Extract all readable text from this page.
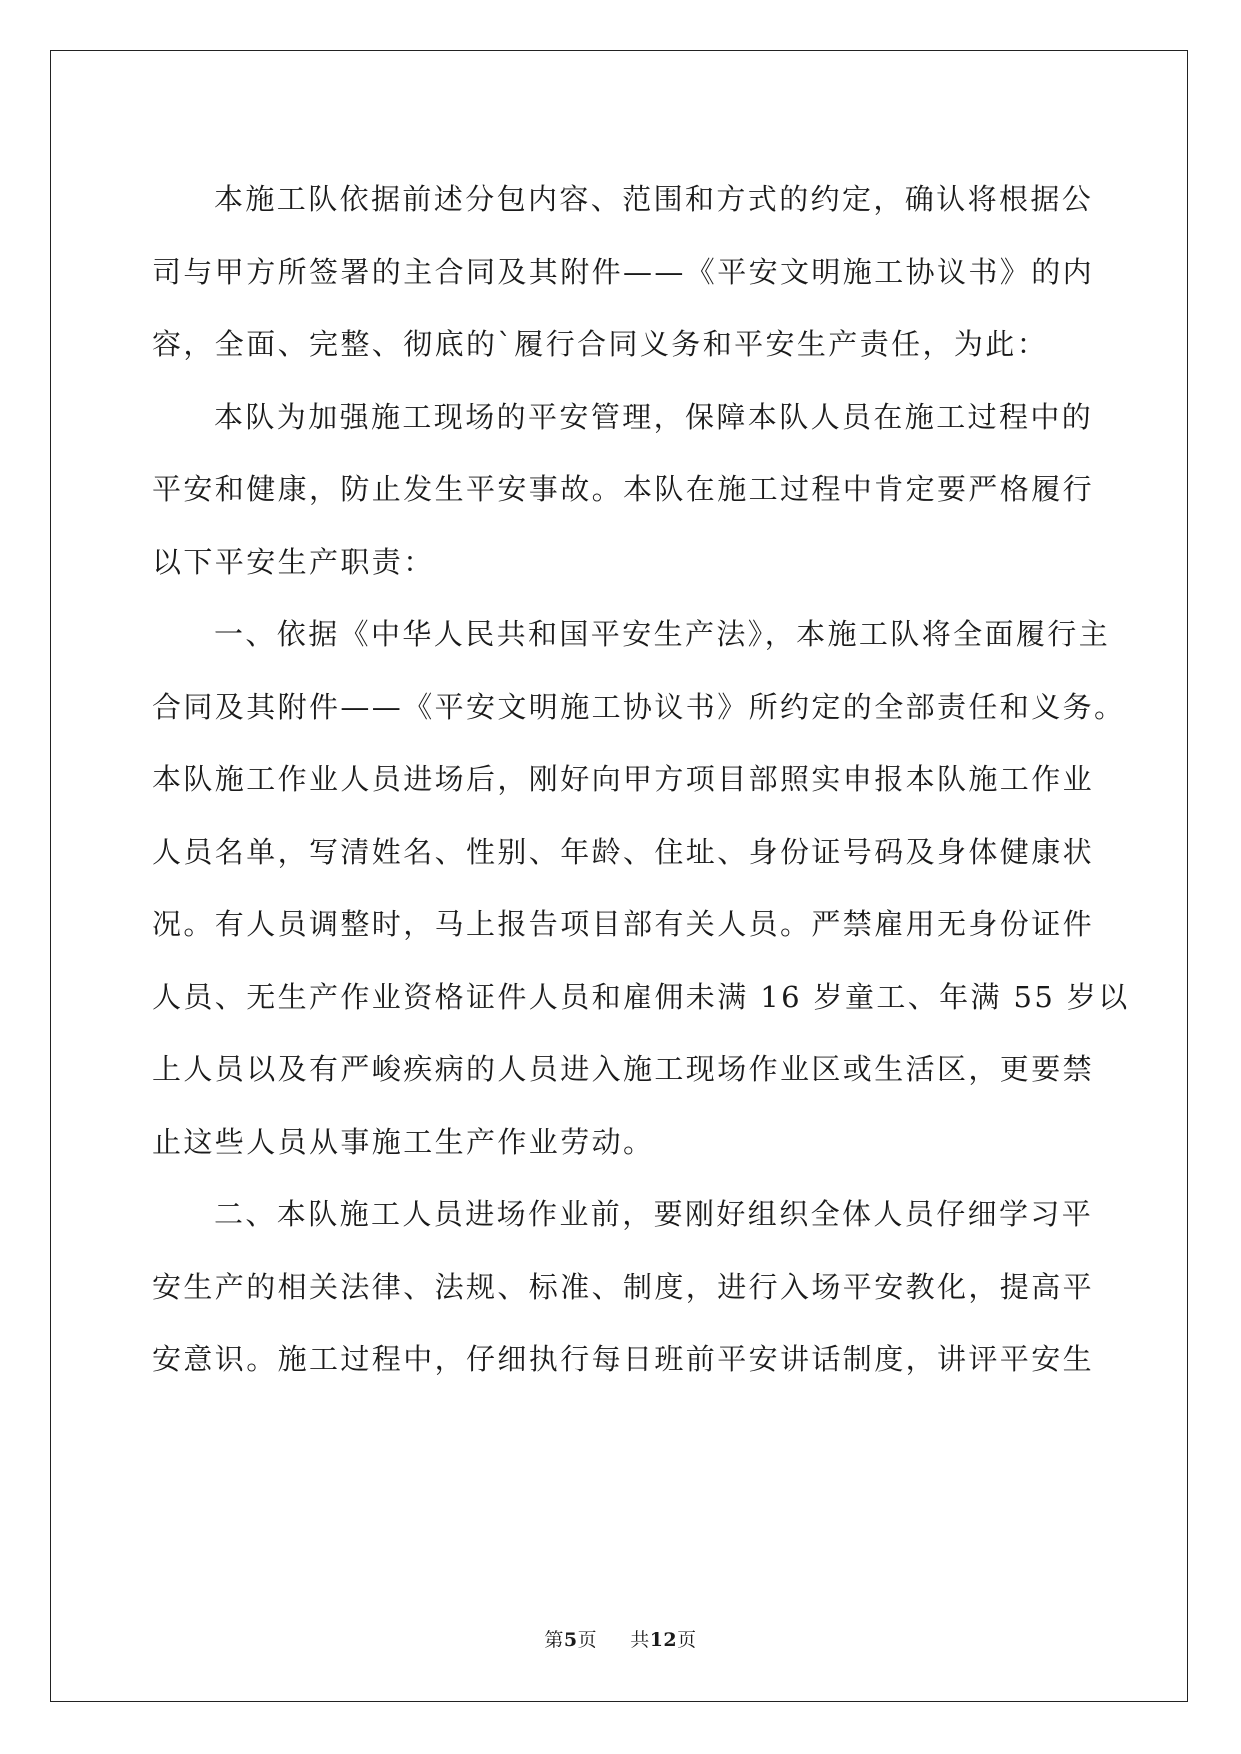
本施工队依据前述分包内容、范围和方式的约定，确认将根据公
司与甲方所签署的主合同及其附件——《平安文明施工协议书》的内
容，全面、完整、彻底的`履行合同义务和平安生产责任，为此：

本队为加强施工现场的平安管理，保障本队人员在施工过程中的
平安和健康，防止发生平安事故。本队在施工过程中肯定要严格履行
以下平安生产职责：

一、依据《中华人民共和国平安生产法》，本施工队将全面履行主
合同及其附件——《平安文明施工协议书》所约定的全部责任和义务。
本队施工作业人员进场后，刚好向甲方项目部照实申报本队施工作业
人员名单，写清姓名、性别、年龄、住址、身份证号码及身体健康状
况。有人员调整时，马上报告项目部有关人员。严禁雇用无身份证件
人员、无生产作业资格证件人员和雇佣未满 16 岁童工、年满 55 岁以
上人员以及有严峻疾病的人员进入施工现场作业区或生活区，更要禁
止这些人员从事施工生产作业劳动。

二、本队施工人员进场作业前，要刚好组织全体人员仔细学习平
安生产的相关法律、法规、标准、制度，进行入场平安教化，提高平
安意识。施工过程中，仔细执行每日班前平安讲话制度，讲评平安生

第5页 共12页
